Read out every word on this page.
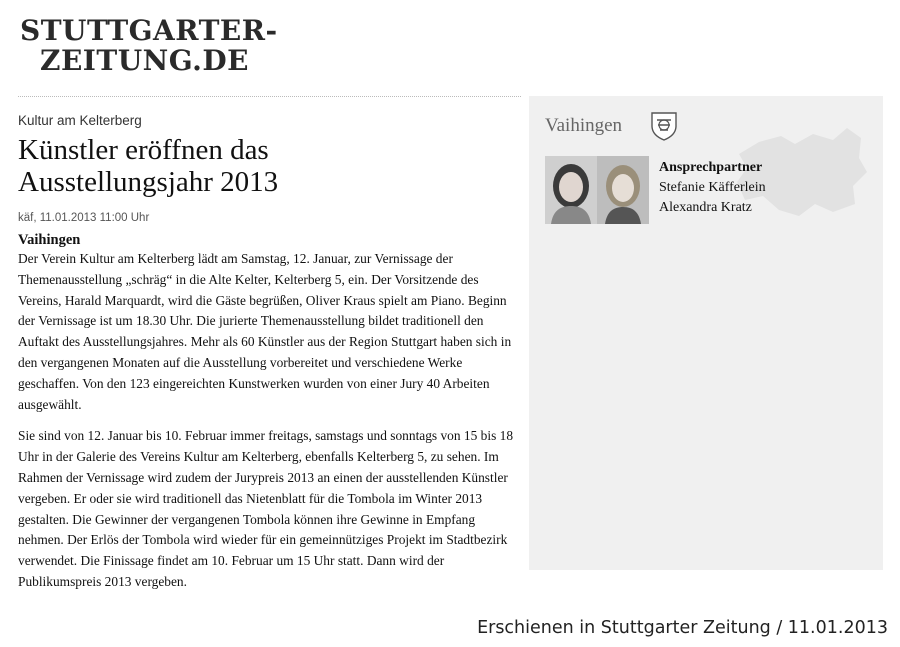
STUTTGARTER-
ZEITUNG.DE

Kultur am Kelterberg

Künstler eröffnen das
Ausstellungsjahr 2013

käf, 11.01.2013 11:00 Uhr

Vaihingen

Der Verein Kultur am Kelterberg lädt am Samstag, 12. Januar, zur Vernissage der Themenausstellung „schräg“ in die Alte Kelter, Kelterberg 5, ein. Der Vorsitzende des Vereins, Harald Marquardt, wird die Gäste begrüßen, Oliver Kraus spielt am Piano. Beginn der Vernissage ist um 18.30 Uhr. Die jurierte Themenausstellung bildet traditionell den Auftakt des Ausstellungsjahres. Mehr als 60 Künstler aus der Region Stuttgart haben sich in den vergangenen Monaten auf die Ausstellung vorbereitet und verschiedene Werke geschaffen. Von den 123 eingereichten Kunstwerken wurden von einer Jury 40 Arbeiten ausgewählt.

Sie sind von 12. Januar bis 10. Februar immer freitags, samstags und sonntags von 15 bis 18 Uhr in der Galerie des Vereins Kultur am Kelterberg, ebenfalls Kelterberg 5, zu sehen. Im Rahmen der Vernissage wird zudem der Jurypreis 2013 an einen der ausstellenden Künstler vergeben. Er oder sie wird traditionell das Nietenblatt für die Tombola im Winter 2013 gestalten. Die Gewinner der vergangenen Tombola können ihre Gewinne in Empfang nehmen. Der Erlös der Tombola wird wieder für ein gemeinnütziges Projekt im Stadtbezirk verwendet. Die Finissage findet am 10. Februar um 15 Uhr statt. Dann wird der Publikumspreis 2013 vergeben.

Vaihingen

Ansprechpartner

Stefanie Käfferlein

Alexandra Kratz

Erschienen in Stuttgarter Zeitung / 11.01.2013
